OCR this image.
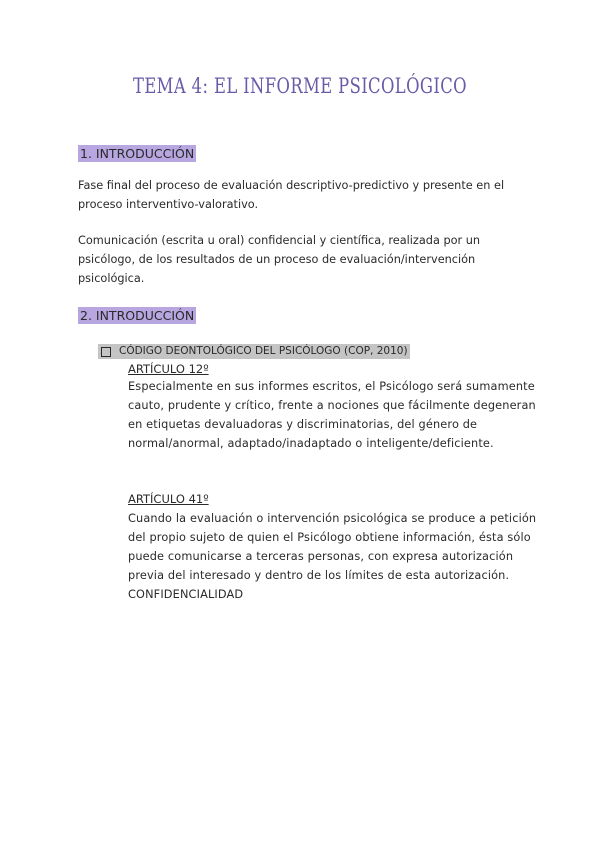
TEMA 4: EL INFORME PSICOLÓGICO
1. INTRODUCCIÓN

Fase final del proceso de evaluación descriptivo-predictivo y presente en el proceso interventivo-valorativo.

Comunicación (escrita u oral) confidencial y científica, realizada por un psicólogo, de los resultados de un proceso de evaluación/intervención psicológica.

2. INTRODUCCIÓN
CÓDIGO DEONTOLÓGICO DEL PSICÓLOGO (COP, 2010)
ARTÍCULO 12º

Especialmente en sus informes escritos, el Psicólogo será sumamente cauto, prudente y crítico, frente a nociones que fácilmente degeneran en etiquetas devaluadoras y discriminatorias, del género de normal/anormal, adaptado/inadaptado o inteligente/deficiente.

ARTÍCULO 41º

Cuando la evaluación o intervención psicológica se produce a petición del propio sujeto de quien el Psicólogo obtiene información, ésta sólo puede comunicarse a terceras personas, con expresa autorización previa del interesado y dentro de los límites de esta autorización. CONFIDENCIALIDAD
